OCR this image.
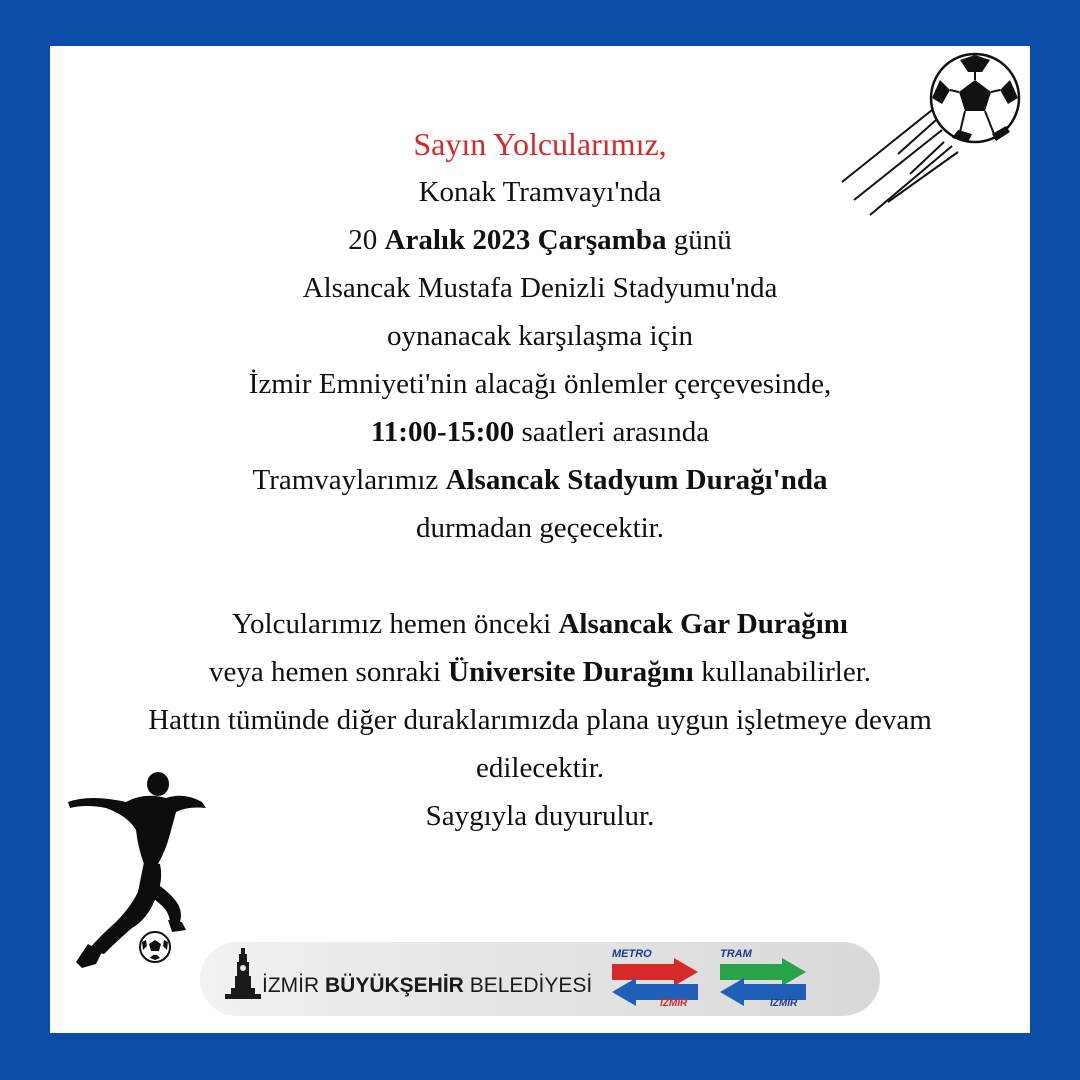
Sayın Yolcularımız,
Konak Tramvayı'nda
20 Aralık 2023 Çarşamba günü
Alsancak Mustafa Denizli Stadyumu'nda
oynanacak karşılaşma için
İzmir Emniyeti'nin alacağı önlemler çerçevesinde,
11:00-15:00 saatleri arasında
Tramvaylarımız Alsancak Stadyum Durağı'nda
durmadan geçecektir.
Yolcularımız hemen önceki Alsancak Gar Durağını
veya hemen sonraki Üniversite Durağını kullanabilirler.
Hattın tümünde diğer duraklarımızda plana uygun işletmeye devam
edilecektir.
Saygıyla duyurulur.
İZMİR BÜYÜKŞEHİR BELEDİYESİ
METRO
İZMİR
TRAM
İZMİR
